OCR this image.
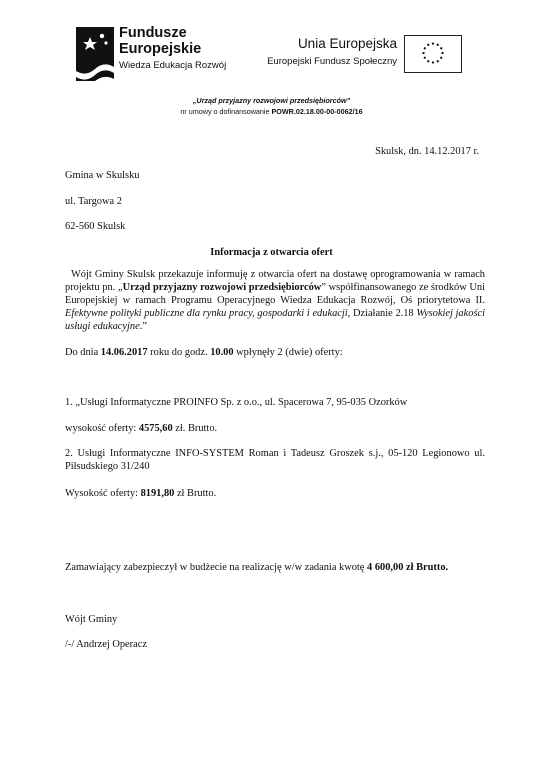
Fundusze
Europejskie
Wiedza Edukacja Rozwój
Unia Europejska
Europejski Fundusz Społeczny
„Urząd przyjazny rozwojowi przedsiębiorców”
nr umowy o dofinansowanie POWR.02.18.00-00-0062/16
Skulsk, dn. 14.12.2017 r.
Gmina w Skulsku
ul. Targowa 2
62-560 Skulsk
Informacja z otwarcia ofert
Wójt Gminy Skulsk przekazuje informuję z otwarcia ofert na dostawę oprogramowania w ramach projektu pn. „Urząd przyjazny rozwojowi przedsiębiorców” współfinansowanego ze środków Uni Europejskiej w ramach Programu Operacyjnego Wiedza Edukacja Rozwój, Oś priorytetowa II. Efektywne polityki publiczne dla rynku pracy, gospodarki i edukacji, Działanie 2.18 Wysokiej jakości usługi edukacyjne.”
Do dnia 14.06.2017 roku do godz. 10.00 wpłynęły 2 (dwie) oferty:
1. „Usługi Informatyczne PROINFO Sp. z o.o., ul. Spacerowa 7, 95-035 Ozorków
wysokość oferty: 4575,60 zł. Brutto.
2. Usługi Informatyczne INFO-SYSTEM Roman i Tadeusz Groszek s.j., 05-120 Legionowo ul. Piłsudskiego 31/240
Wysokość oferty: 8191,80 zł Brutto.
Zamawiający zabezpieczył w budżecie na realizację w/w zadania kwotę 4 600,00 zł Brutto.
Wójt Gminy
/-/ Andrzej Operacz
